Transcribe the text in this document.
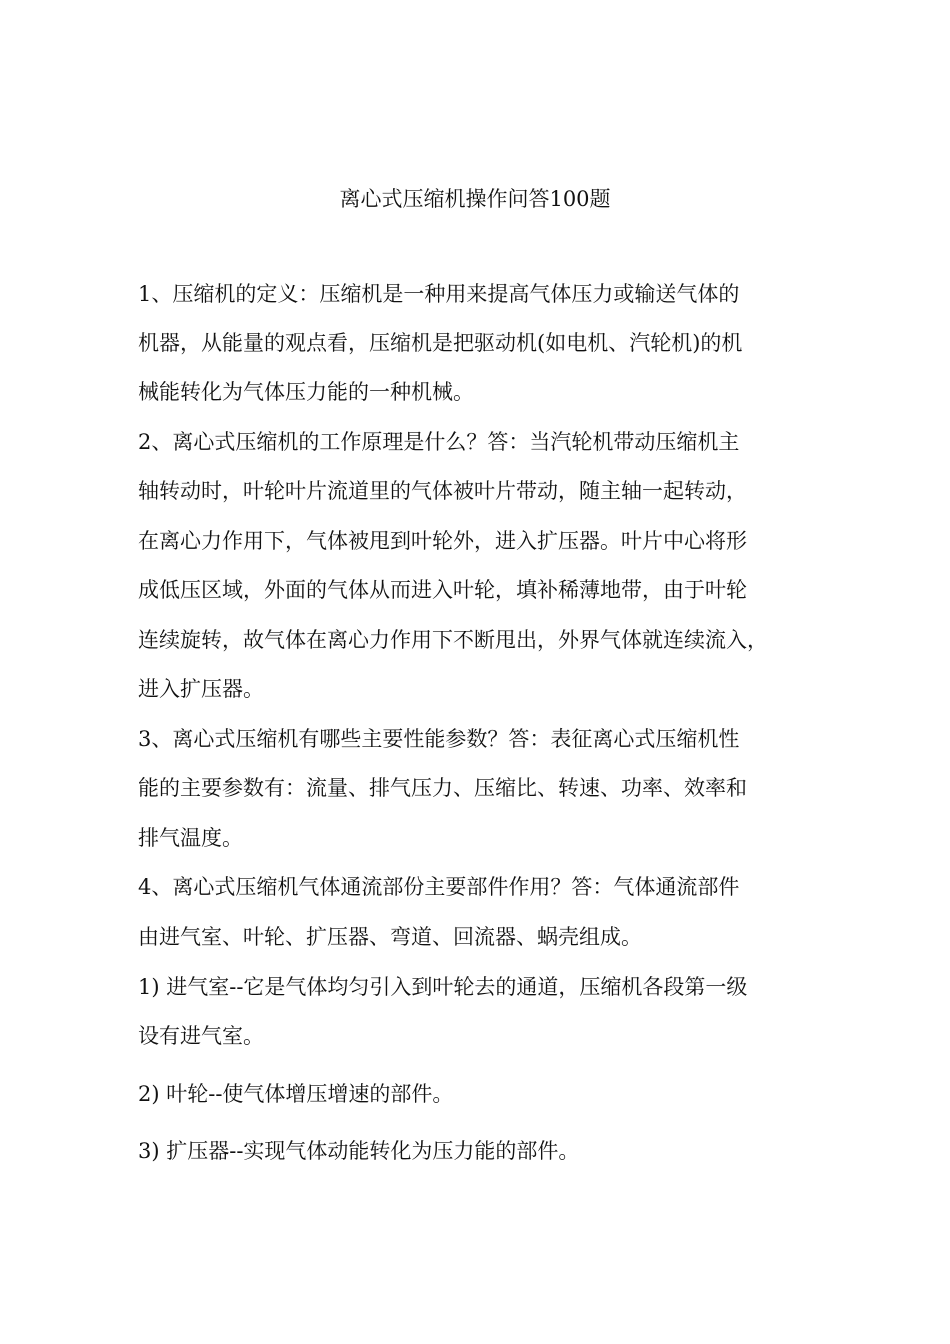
离心式压缩机操作问答100题
1、压缩机的定义：压缩机是一种用来提高气体压力或输送气体的
机器，从能量的观点看，压缩机是把驱动机(如电机、汽轮机)的机
械能转化为气体压力能的一种机械。
2、离心式压缩机的工作原理是什么？答：当汽轮机带动压缩机主
轴转动时，叶轮叶片流道里的气体被叶片带动，随主轴一起转动，
在离心力作用下，气体被甩到叶轮外，进入扩压器。叶片中心将形
成低压区域，外面的气体从而进入叶轮，填补稀薄地带，由于叶轮
连续旋转，故气体在离心力作用下不断甩出，外界气体就连续流入，
进入扩压器。
3、离心式压缩机有哪些主要性能参数？答：表征离心式压缩机性
能的主要参数有：流量、排气压力、压缩比、转速、功率、效率和
排气温度。
4、离心式压缩机气体通流部份主要部件作用？答：气体通流部件
由进气室、叶轮、扩压器、弯道、回流器、蜗壳组成。
1) 进气室--它是气体均匀引入到叶轮去的通道，压缩机各段第一级
设有进气室。
2) 叶轮--使气体增压增速的部件。
3) 扩压器--实现气体动能转化为压力能的部件。
